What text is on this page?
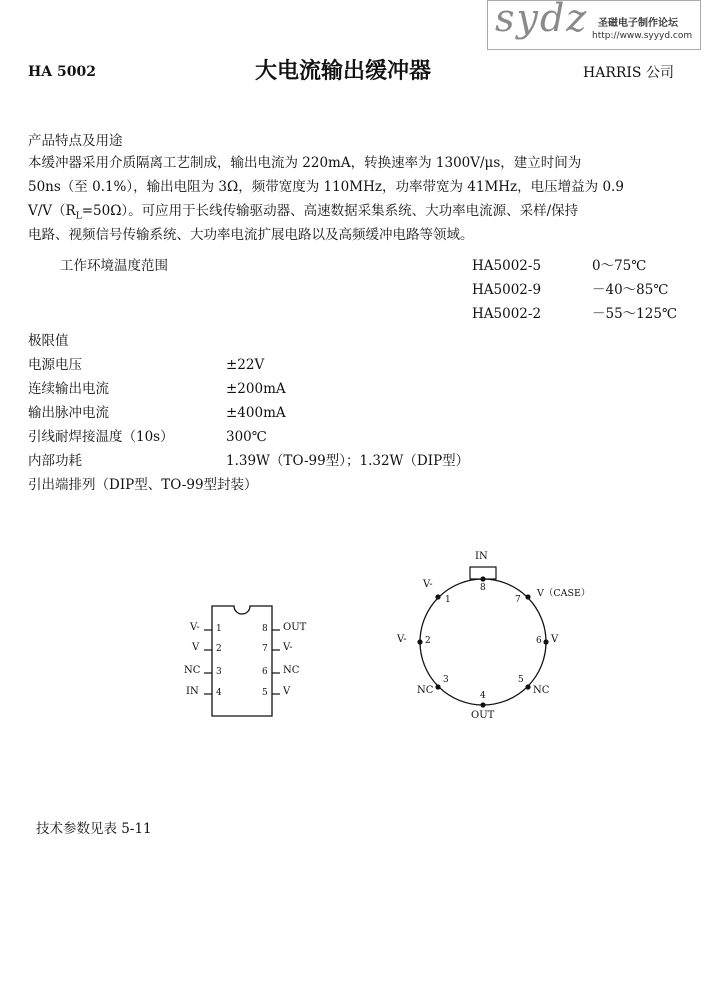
sydz 圣磁电子制作论坛
http://www.syyyd.com
HA 5002	大电流输出缓冲器	HARRIS 公司
产品特点及用途
本缓冲器采用介质隔离工艺制成，输出电流为 220mA，转换速率为 1300V/μs，建立时间为
50ns（至 0.1%），输出电阻为 3Ω，频带宽度为 110MHz，功率带宽为 41MHz，电压增益为 0.9
$V/V(R_L=50\Omega)$。可应用于长线传输驱动器、高速数据采集系统、大功率电流源、采样/保持
电路、视频信号传输系统、大功率电流扩展电路以及高频缓冲电路等领域。
工作环境温度范围	HA5002-5	0～75℃
HA5002-9	－40～85℃
HA5002-2	－55～125℃
极限值
电源电压	±22V
连续输出电流	±200mA
输出脉冲电流	±400mA
引线耐焊接温度（10s）	300℃
内部功耗	1.39W（TO-99型）；1.32W（DIP型）
引出端排列（DIP型、TO-99型封装）
V- 1
V 2
NC 3
IN 4
8 OUT
7 V-
6 NC
5 V
IN
V（CASE）
8
V-
1	7
V- 2	6 V
3
NC
5
NC
4
OUT
技术参数见表 5-11
